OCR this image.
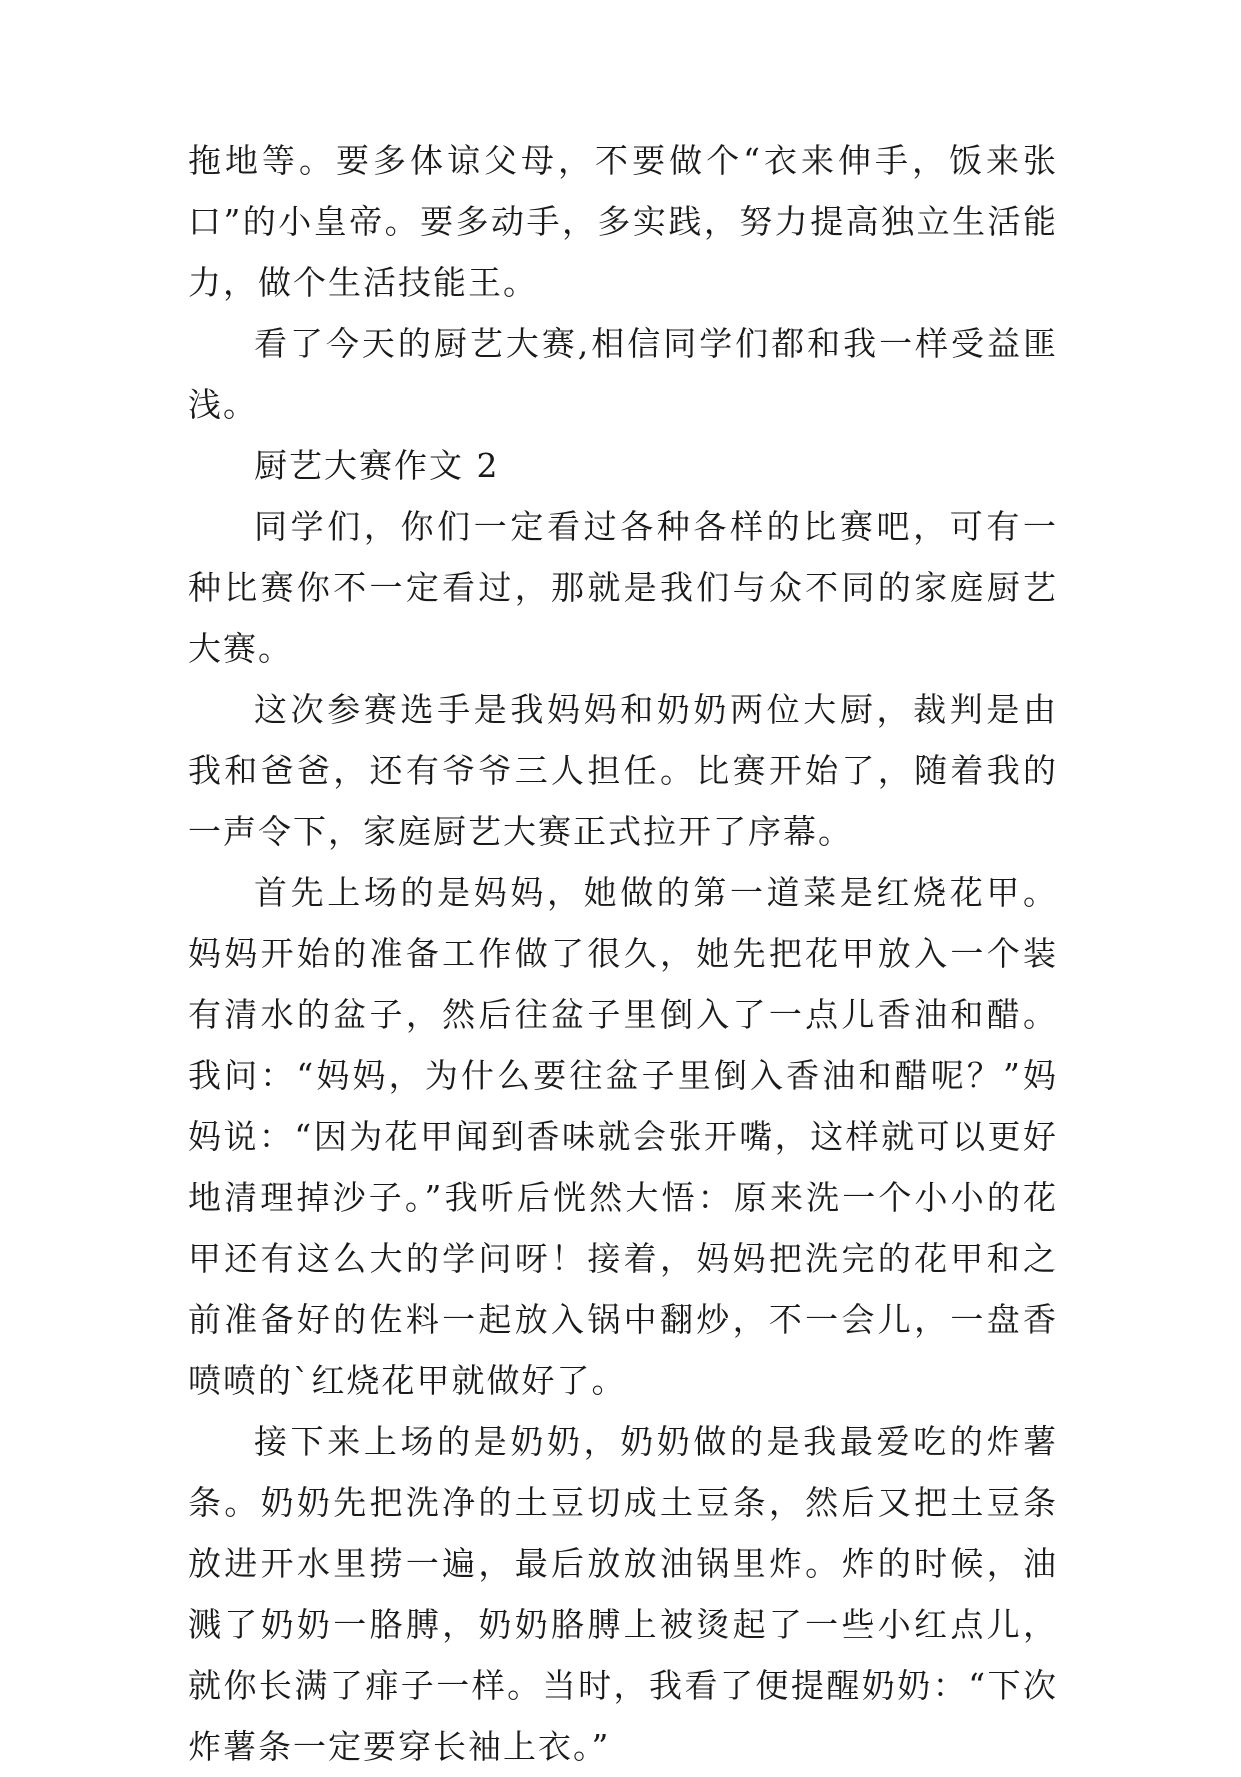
拖地等。要多体谅父母，不要做个“衣来伸手，饭来张口”的小皇帝。要多动手，多实践，努力提高独立生活能力，做个生活技能王。

看了今天的厨艺大赛,相信同学们都和我一样受益匪浅。

厨艺大赛作文 2

同学们，你们一定看过各种各样的比赛吧，可有一种比赛你不一定看过，那就是我们与众不同的家庭厨艺大赛。

这次参赛选手是我妈妈和奶奶两位大厨，裁判是由我和爸爸，还有爷爷三人担任。比赛开始了，随着我的一声令下，家庭厨艺大赛正式拉开了序幕。

首先上场的是妈妈，她做的第一道菜是红烧花甲。妈妈开始的准备工作做了很久，她先把花甲放入一个装有清水的盆子，然后往盆子里倒入了一点儿香油和醋。我问：“妈妈，为什么要往盆子里倒入香油和醋呢？”妈妈说：“因为花甲闻到香味就会张开嘴，这样就可以更好地清理掉沙子。”我听后恍然大悟：原来洗一个小小的花甲还有这么大的学问呀！接着，妈妈把洗完的花甲和之前准备好的佐料一起放入锅中翻炒，不一会儿，一盘香喷喷的`红烧花甲就做好了。

接下来上场的是奶奶，奶奶做的是我最爱吃的炸薯条。奶奶先把洗净的土豆切成土豆条，然后又把土豆条放进开水里捞一遍，最后放放油锅里炸。炸的时候，油溅了奶奶一胳膊，奶奶胳膊上被烫起了一些小红点儿，就你长满了痱子一样。当时，我看了便提醒奶奶：“下次炸薯条一定要穿长袖上衣。”
